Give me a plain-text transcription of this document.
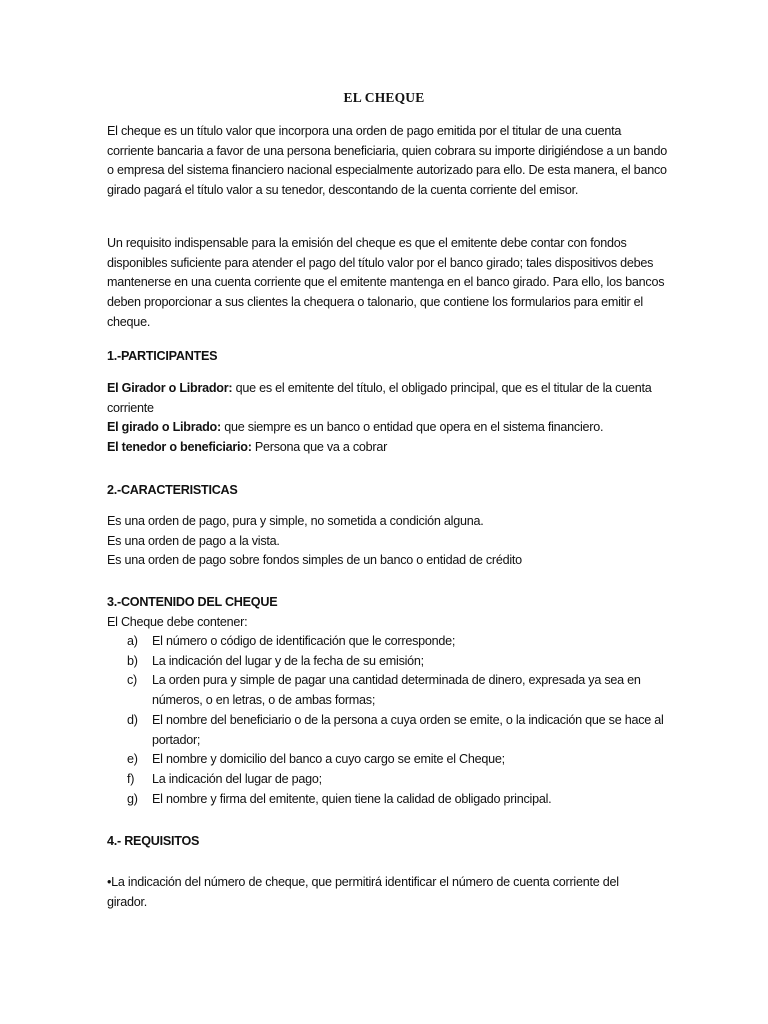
EL CHEQUE

El cheque es un título valor que incorpora una orden de pago emitida por el titular de una cuenta corriente bancaria a favor de una persona beneficiaria, quien cobrara su importe dirigiéndose a un bando o empresa del sistema financiero nacional especialmente autorizado para ello. De esta manera, el banco girado pagará el título valor a su tenedor, descontando de la cuenta corriente del emisor.

Un requisito indispensable para la emisión del cheque es que el emitente debe contar con fondos disponibles suficiente para atender el pago del título valor por el banco girado; tales dispositivos debes mantenerse en una cuenta corriente que el emitente mantenga en el banco girado. Para ello, los bancos deben proporcionar a sus clientes la chequera o talonario, que contiene los formularios para emitir el cheque.

1.-PARTICIPANTES

El Girador o Librador: que es el emitente del título, el obligado principal, que es el titular de la cuenta corriente

El girado o Librado: que siempre es un banco o entidad que opera en el sistema financiero.

El tenedor o beneficiario: Persona que va a cobrar

2.-CARACTERISTICAS

Es una orden de pago, pura y simple, no sometida a condición alguna.

Es una orden de pago a la vista.

Es una orden de pago sobre fondos simples de un banco o entidad de crédito

3.-CONTENIDO DEL CHEQUE
El Cheque debe contener:
a) El número o código de identificación que le corresponde;
b) La indicación del lugar y de la fecha de su emisión;
c) La orden pura y simple de pagar una cantidad determinada de dinero, expresada ya sea en números, o en letras, o de ambas formas;
d) El nombre del beneficiario o de la persona a cuya orden se emite, o la indicación que se hace al portador;
e) El nombre y domicilio del banco a cuyo cargo se emite el Cheque;
f) La indicación del lugar de pago;
g) El nombre y firma del emitente, quien tiene la calidad de obligado principal.
4.- REQUISITOS
•La indicación del número de cheque, que permitirá identificar el número de cuenta corriente del girador.
